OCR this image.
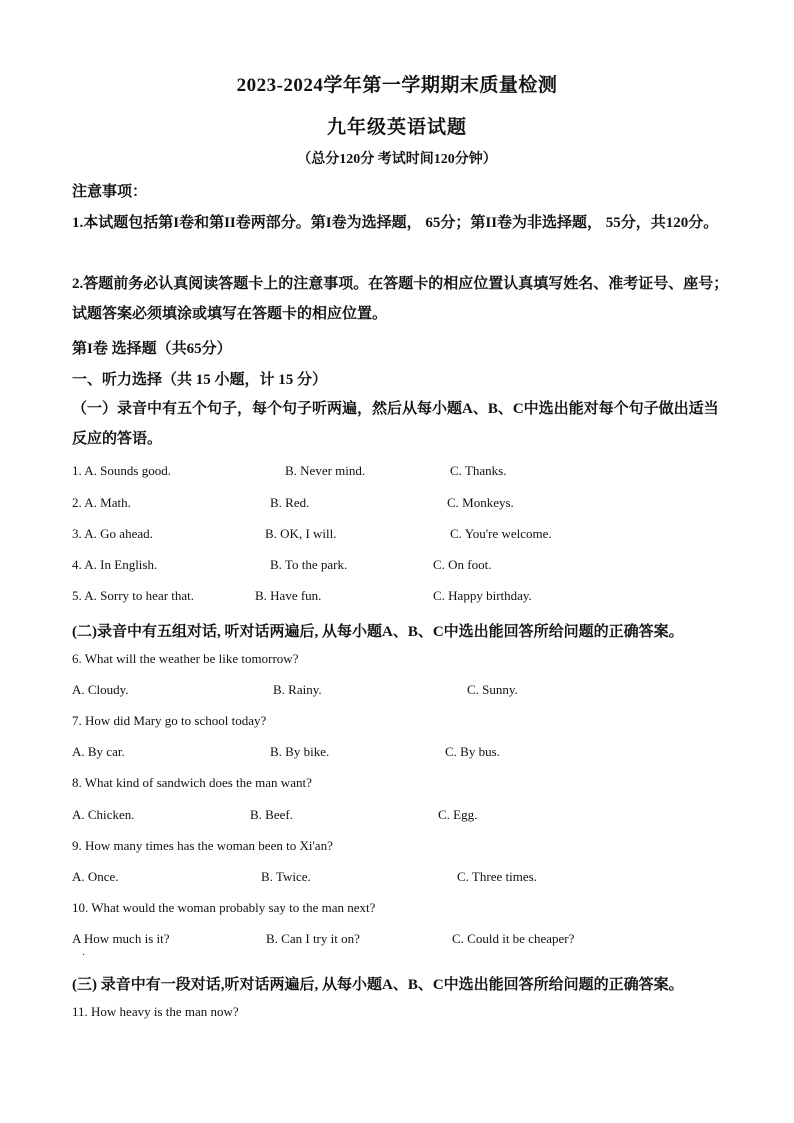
2023-2024学年第一学期期末质量检测
九年级英语试题
（总分120分 考试时间120分钟）
注意事项：
1.本试题包括第I卷和第II卷两部分。第I卷为选择题， 65分；第II卷为非选择题， 55分，共120分。
2.答题前务必认真阅读答题卡上的注意事项。在答题卡的相应位置认真填写姓名、准考证号、座号；试题答案必须填涂或填写在答题卡的相应位置。
第I卷 选择题（共65分）
一、听力选择（共 15 小题，计 15 分）
（一）录音中有五个句子，每个句子听两遍，然后从每小题A、B、C中选出能对每个句子做出适当反应的答语。
1. A. Sounds good.	B. Never mind.	C. Thanks.
2. A. Math.	B. Red.	C. Monkeys.
3. A. Go ahead.	B. OK, I will.	C. You're welcome.
4. A. In English.	B. To the park.	C. On foot.
5. A. Sorry to hear that.	B. Have fun.	C. Happy birthday.
(二)录音中有五组对话, 听对话两遍后, 从每小题A、B、C中选出能回答所给问题的正确答案。
6. What will the weather be like tomorrow?
A. Cloudy.	B. Rainy.	C. Sunny.
7. How did Mary go to school today?
A. By car.	B. By bike.	C. By bus.
8. What kind of sandwich does the man want?
A. Chicken.	B. Beef.	C. Egg.
9. How many times has the woman been to Xi'an?
A. Once.	B. Twice.	C. Three times.
10. What would the woman probably say to the man next?
A How much is it?	B. Can I try it on?	C. Could it be cheaper?
·
(三) 录音中有一段对话,听对话两遍后, 从每小题A、B、C中选出能回答所给问题的正确答案。
11. How heavy is the man now?
